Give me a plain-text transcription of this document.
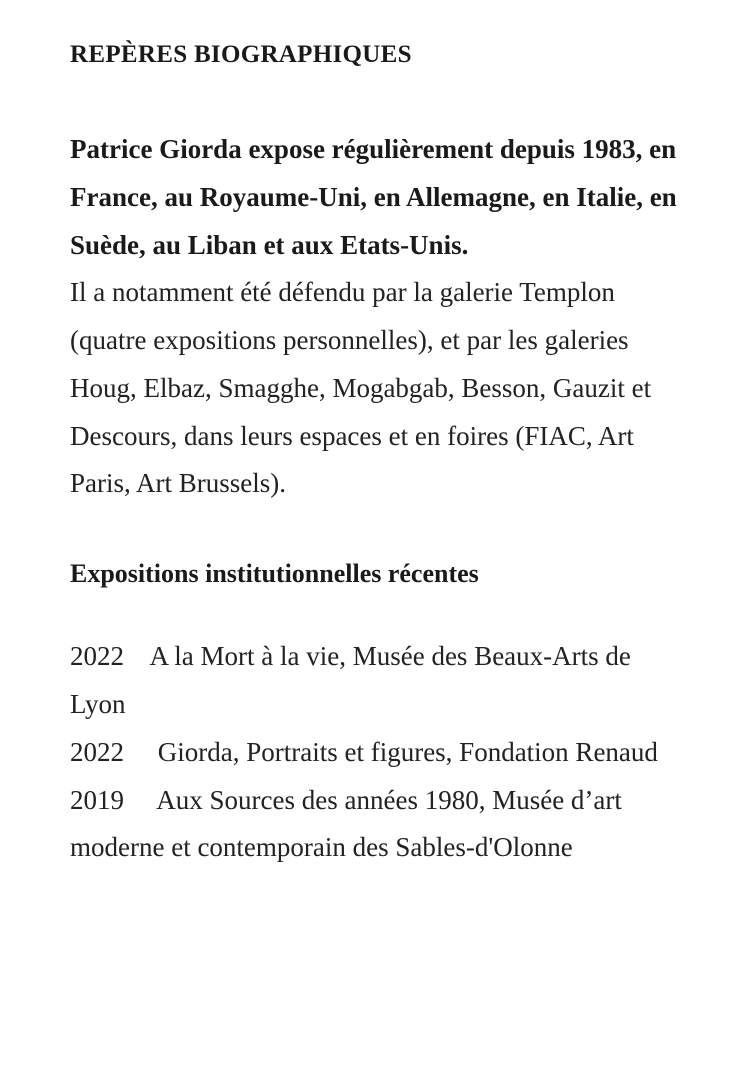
REPÈRES BIOGRAPHIQUES

Patrice Giorda expose régulièrement depuis 1983, en France, au Royaume-Uni, en Allemagne, en Italie, en Suède, au Liban et aux Etats-Unis.

Il a notamment été défendu par la galerie Templon (quatre expositions personnelles), et par les galeries Houg, Elbaz, Smagghe, Mogabgab, Besson, Gauzit et Descours, dans leurs espaces et en foires (FIAC, Art Paris, Art Brussels).

Expositions institutionnelles récentes
2022 A la Mort à la vie, Musée des Beaux-Arts de Lyon
2022 Giorda, Portraits et figures, Fondation Renaud
2019 Aux Sources des années 1980, Musée d’art moderne et contemporain des Sables-d'Olonne
